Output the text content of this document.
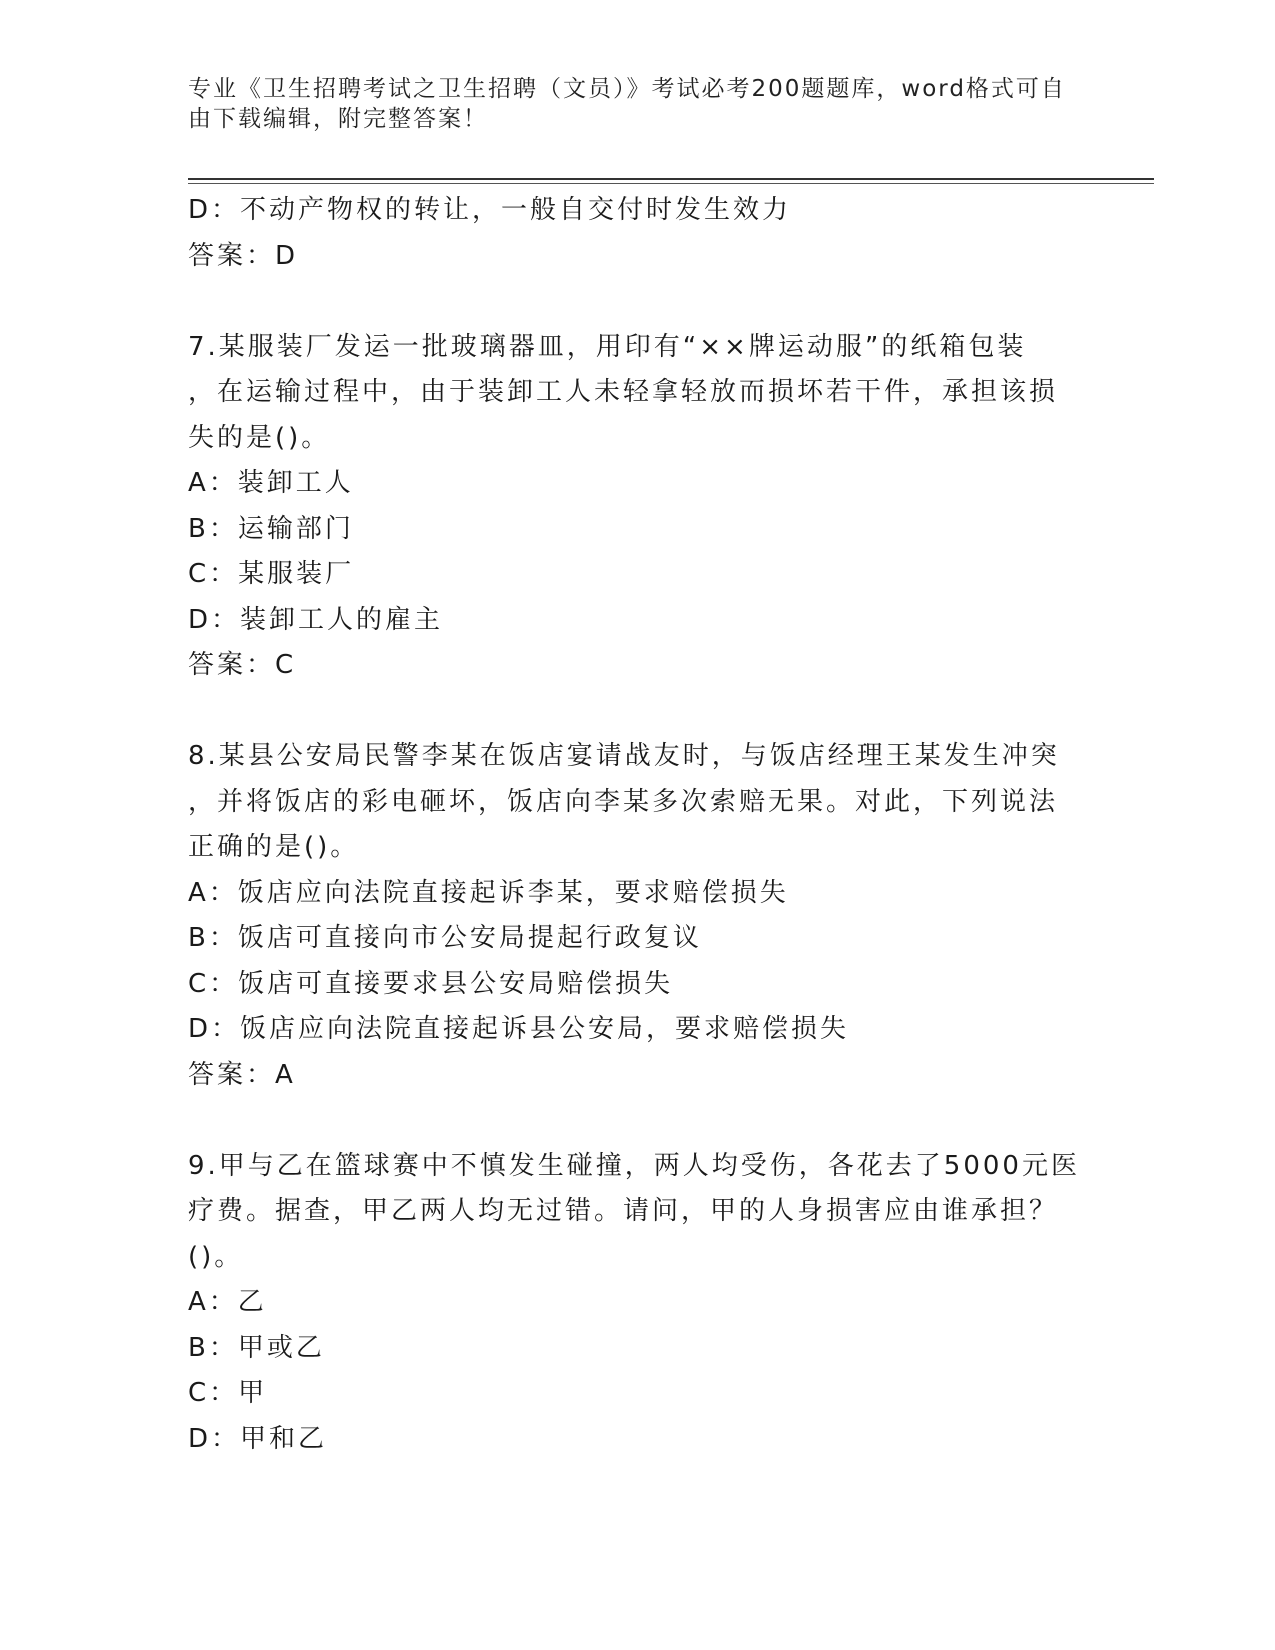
专业《卫生招聘考试之卫生招聘（文员）》考试必考200题题库，word格式可自
由下载编辑，附完整答案！
D：不动产物权的转让，一般自交付时发生效力
答案：D
7.某服装厂发运一批玻璃器皿，用印有“××牌运动服”的纸箱包装
，在运输过程中，由于装卸工人未轻拿轻放而损坏若干件，承担该损
失的是()。
A：装卸工人
B：运输部门
C：某服装厂
D：装卸工人的雇主
答案：C
8.某县公安局民警李某在饭店宴请战友时，与饭店经理王某发生冲突
，并将饭店的彩电砸坏，饭店向李某多次索赔无果。对此，下列说法
正确的是()。
A：饭店应向法院直接起诉李某，要求赔偿损失
B：饭店可直接向市公安局提起行政复议
C：饭店可直接要求县公安局赔偿损失
D：饭店应向法院直接起诉县公安局，要求赔偿损失
答案：A
9.甲与乙在篮球赛中不慎发生碰撞，两人均受伤，各花去了5000元医
疗费。据查，甲乙两人均无过错。请问，甲的人身损害应由谁承担？
()。
A：乙
B：甲或乙
C：甲
D：甲和乙
